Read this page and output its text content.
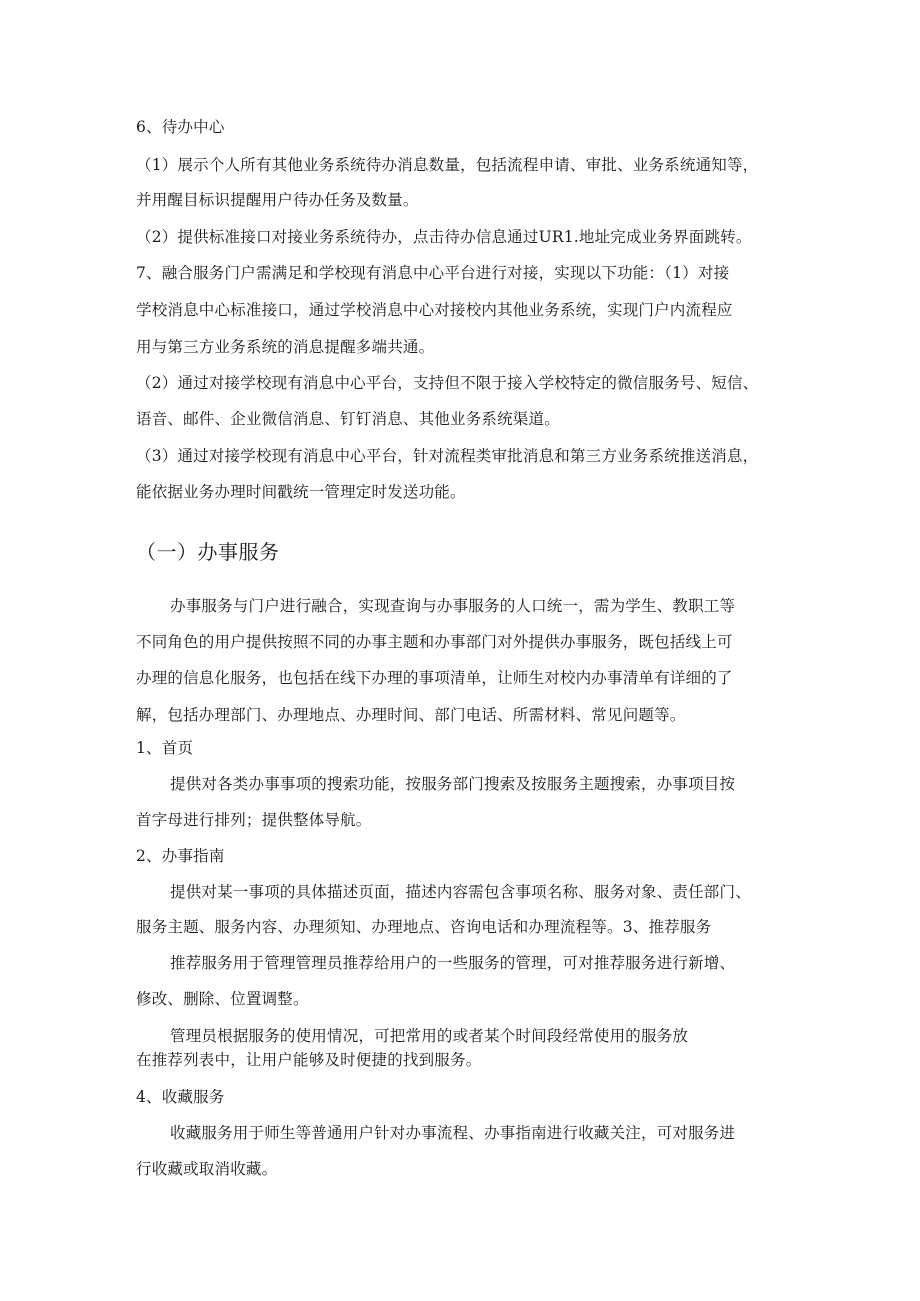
6、待办中心
（1）展示个人所有其他业务系统待办消息数量，包括流程申请、审批、业务系统通知等，
并用醒目标识提醒用户待办任务及数量。
（2）提供标准接口对接业务系统待办，点击待办信息通过UR1.地址完成业务界面跳转。
7、融合服务门户需满足和学校现有消息中心平台进行对接，实现以下功能：（1）对接
学校消息中心标准接口，通过学校消息中心对接校内其他业务系统，实现门户内流程应
用与第三方业务系统的消息提醒多端共通。
（2）通过对接学校现有消息中心平台，支持但不限于接入学校特定的微信服务号、短信、
语音、邮件、企业微信消息、钉钉消息、其他业务系统渠道。
（3）通过对接学校现有消息中心平台，针对流程类审批消息和第三方业务系统推送消息，
能依据业务办理时间戳统一管理定时发送功能。
（一）办事服务
办事服务与门户进行融合，实现查询与办事服务的人口统一，需为学生、教职工等
不同角色的用户提供按照不同的办事主题和办事部门对外提供办事服务，既包括线上可
办理的信息化服务，也包括在线下办理的事项清单，让师生对校内办事清单有详细的了
解，包括办理部门、办理地点、办理时间、部门电话、所需材料、常见问题等。
1、首页
提供对各类办事事项的搜索功能，按服务部门搜索及按服务主题搜索，办事项目按
首字母进行排列；提供整体导航。
2、办事指南
提供对某一事项的具体描述页面，描述内容需包含事项名称、服务对象、责任部门、
服务主题、服务内容、办理须知、办理地点、咨询电话和办理流程等。3、推荐服务
推荐服务用于管理管理员推荐给用户的一些服务的管理，可对推荐服务进行新增、
修改、删除、位置调整。
管理员根据服务的使用情况，可把常用的或者某个时间段经常使用的服务放
在推荐列表中，让用户能够及时便捷的找到服务。
4、收藏服务
收藏服务用于师生等普通用户针对办事流程、办事指南进行收藏关注，可对服务进
行收藏或取消收藏。
